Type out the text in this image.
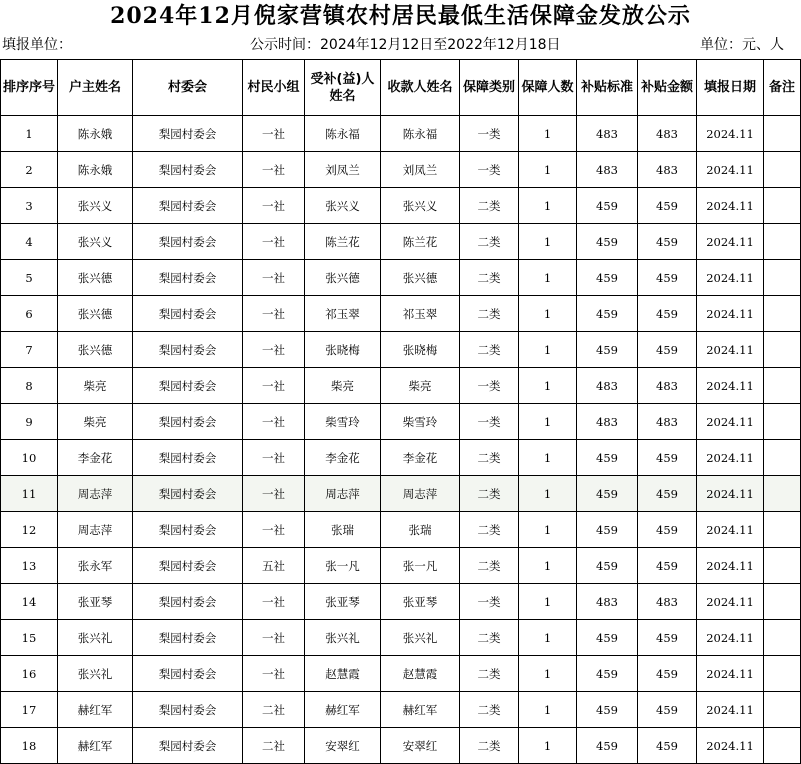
2024年12月倪家营镇农村居民最低生活保障金发放公示
填报单位：	公示时间：2024年12月12日至2022年12月18日	单位：元、人
排序序号	户主姓名	村委会	村民小组	受补(益)人姓名	收款人姓名	保障类别	保障人数	补贴标准	补贴金额	填报日期	备注
1	陈永娥	梨园村委会	一社	陈永福	陈永福	一类	1	483	483	2024.11	
2	陈永娥	梨园村委会	一社	刘凤兰	刘凤兰	一类	1	483	483	2024.11	
3	张兴义	梨园村委会	一社	张兴义	张兴义	二类	1	459	459	2024.11	
4	张兴义	梨园村委会	一社	陈兰花	陈兰花	二类	1	459	459	2024.11	
5	张兴德	梨园村委会	一社	张兴德	张兴德	二类	1	459	459	2024.11	
6	张兴德	梨园村委会	一社	祁玉翠	祁玉翠	二类	1	459	459	2024.11	
7	张兴德	梨园村委会	一社	张晓梅	张晓梅	二类	1	459	459	2024.11	
8	柴亮	梨园村委会	一社	柴亮	柴亮	一类	1	483	483	2024.11	
9	柴亮	梨园村委会	一社	柴雪玲	柴雪玲	一类	1	483	483	2024.11	
10	李金花	梨园村委会	一社	李金花	李金花	二类	1	459	459	2024.11	
11	周志萍	梨园村委会	一社	周志萍	周志萍	二类	1	459	459	2024.11	
12	周志萍	梨园村委会	一社	张瑞	张瑞	二类	1	459	459	2024.11	
13	张永军	梨园村委会	五社	张一凡	张一凡	二类	1	459	459	2024.11	
14	张亚琴	梨园村委会	一社	张亚琴	张亚琴	一类	1	483	483	2024.11	
15	张兴礼	梨园村委会	一社	张兴礼	张兴礼	二类	1	459	459	2024.11	
16	张兴礼	梨园村委会	一社	赵慧霞	赵慧霞	二类	1	459	459	2024.11	
17	赫红军	梨园村委会	二社	赫红军	赫红军	二类	1	459	459	2024.11	
18	赫红军	梨园村委会	二社	安翠红	安翠红	二类	1	459	459	2024.11	
